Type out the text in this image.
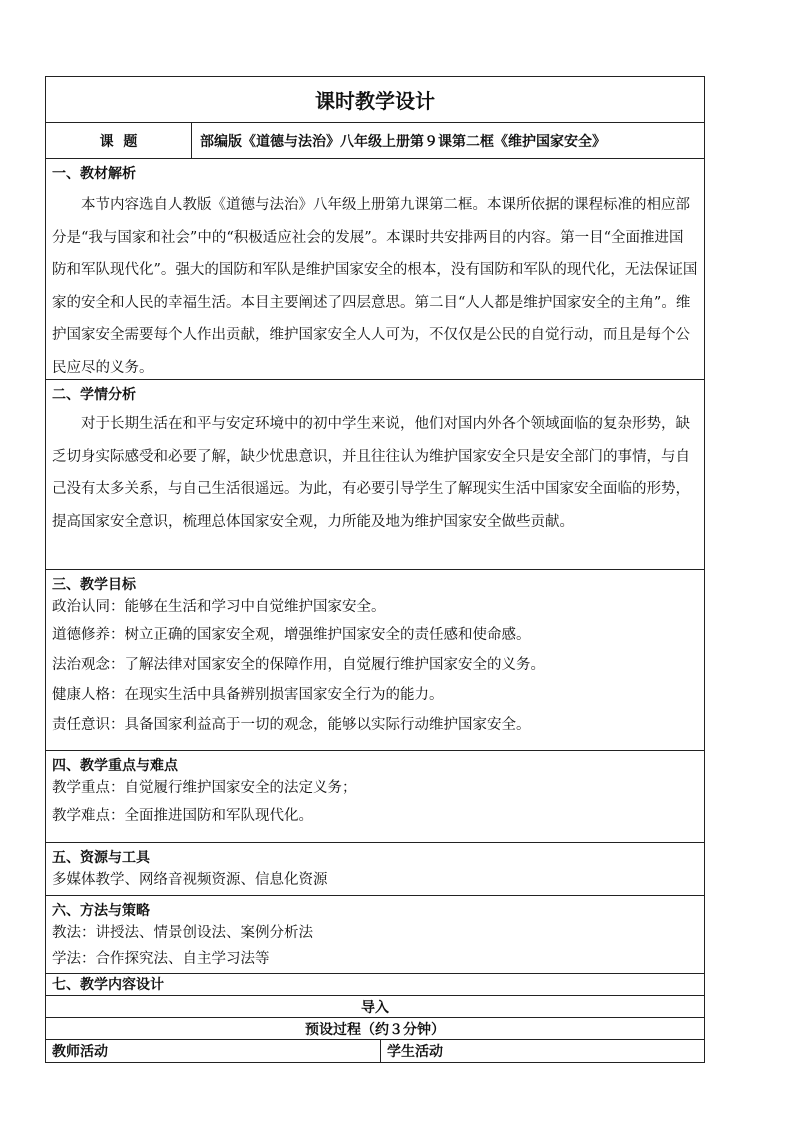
课时教学设计
课  题	部编版《道德与法治》八年级上册第９课第二框《维护国家安全》
一、教材解析

本节内容选自人教版《道德与法治》八年级上册第九课第二框。本课所依据的课程标准的相应部分是“我与国家和社会”中的“积极适应社会的发展”。本课时共安排两目的内容。第一目“全面推进国防和军队现代化”。强大的国防和军队是维护国家安全的根本，没有国防和军队的现代化，无法保证国家的安全和人民的幸福生活。本目主要阐述了四层意思。第二目“人人都是维护国家安全的主角”。维护国家安全需要每个人作出贡献，维护国家安全人人可为，不仅仅是公民的自觉行动，而且是每个公民应尽的义务。

二、学情分析

对于长期生活在和平与安定环境中的初中学生来说，他们对国内外各个领域面临的复杂形势，缺乏切身实际感受和必要了解，缺少忧患意识，并且往往认为维护国家安全只是安全部门的事情，与自己没有太多关系，与自己生活很遥远。为此，有必要引导学生了解现实生活中国家安全面临的形势，提高国家安全意识，梳理总体国家安全观，力所能及地为维护国家安全做些贡献。

三、教学目标

政治认同：能够在生活和学习中自觉维护国家安全。

道德修养：树立正确的国家安全观，增强维护国家安全的责任感和使命感。

法治观念：了解法律对国家安全的保障作用，自觉履行维护国家安全的义务。

健康人格：在现实生活中具备辨别损害国家安全行为的能力。

责任意识：具备国家利益高于一切的观念，能够以实际行动维护国家安全。

四、教学重点与难点

教学重点：自觉履行维护国家安全的法定义务；

教学难点：全面推进国防和军队现代化。

五、资源与工具

多媒体教学、网络音视频资源、信息化资源

六、方法与策略

教法：讲授法、情景创设法、案例分析法

学法：合作探究法、自主学习法等

七、教学内容设计
导入
预设过程（约３分钟）
教师活动	学生活动
